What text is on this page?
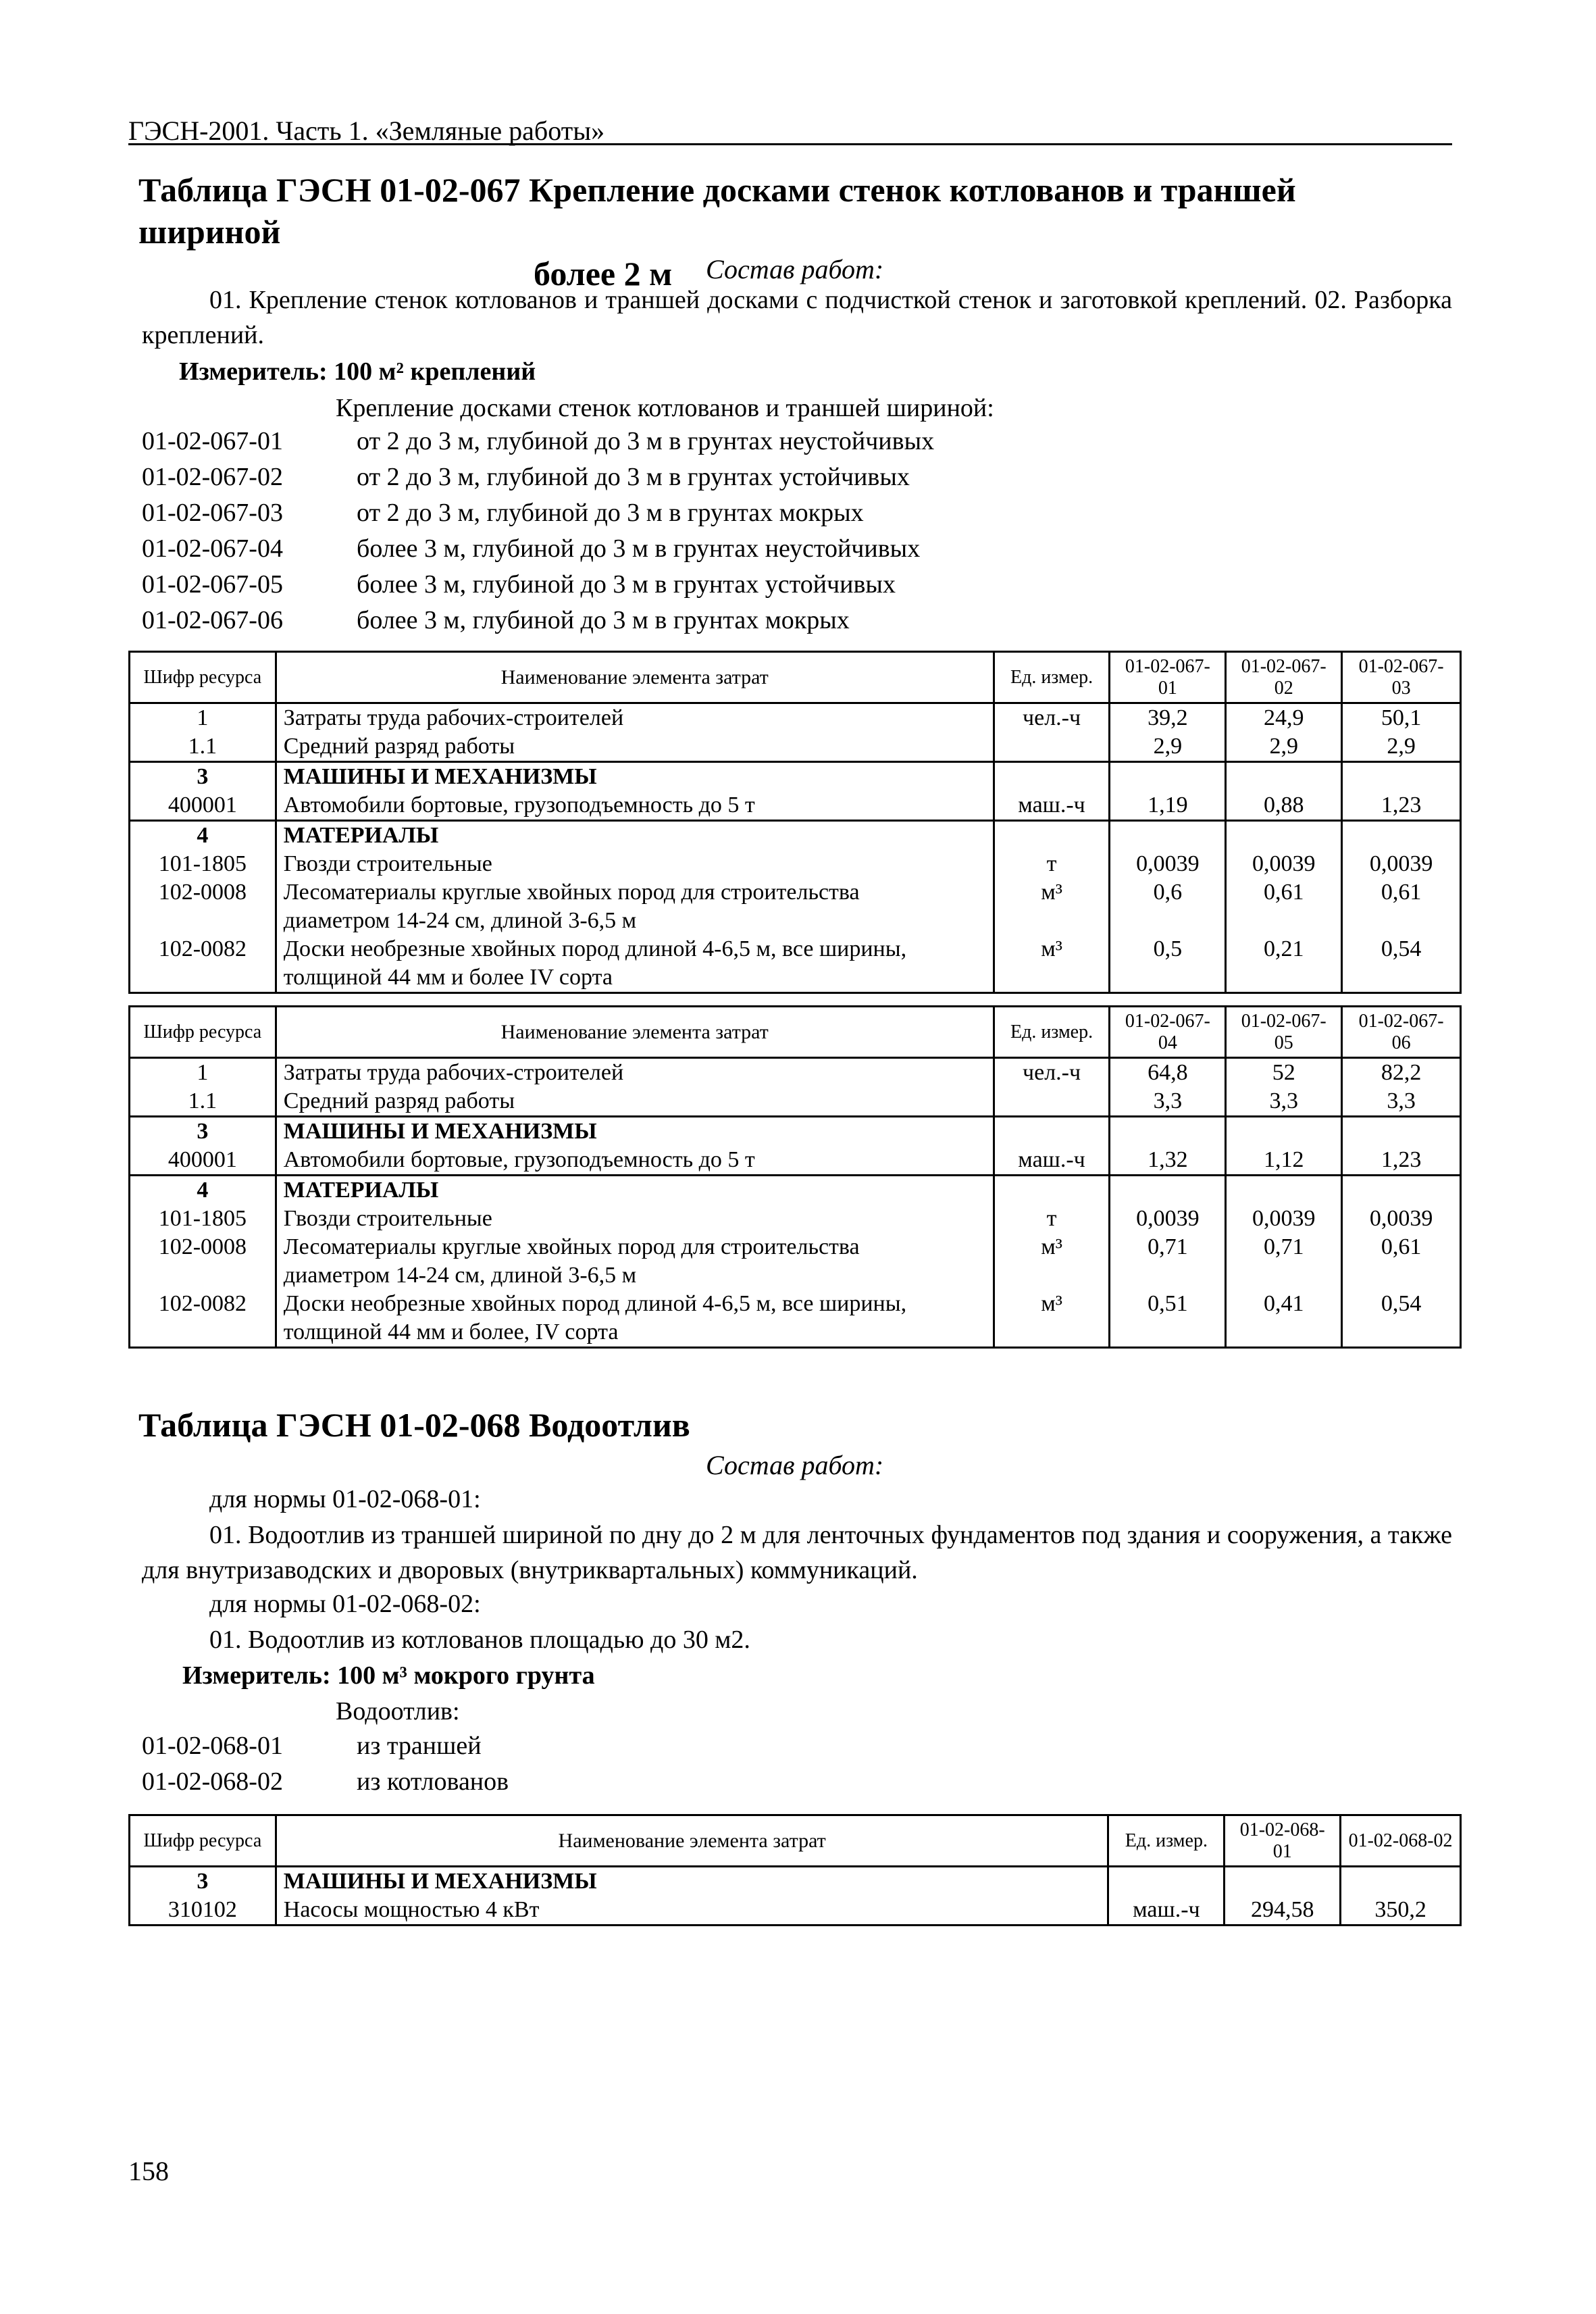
ГЭСН-2001. Часть 1. «Земляные работы»
Таблица ГЭСН 01-02-067 Крепление досками стенок котлованов и траншей шириной
более 2 м	Состав работ:
01. Крепление стенок котлованов и траншей досками с подчисткой стенок и заготовкой креплений. 02. Разборка креплений.
Измеритель: 100 м² креплений
Крепление досками стенок котлованов и траншей шириной:
01-02-067-01	от 2 до 3 м, глубиной до 3 м в грунтах неустойчивых
01-02-067-02	от 2 до 3 м, глубиной до 3 м в грунтах устойчивых
01-02-067-03	от 2 до 3 м, глубиной до 3 м в грунтах мокрых
01-02-067-04	более 3 м, глубиной до 3 м в грунтах неустойчивых
01-02-067-05	более 3 м, глубиной до 3 м в грунтах устойчивых
01-02-067-06	более 3 м, глубиной до 3 м в грунтах мокрых
Шифр ресурса	Наименование элемента затрат	Ед. измер.	01-02-067-01	01-02-067-02	01-02-067-03
1	Затраты труда рабочих-строителей	чел.-ч	39,2	24,9	50,1
1.1	Средний разряд работы		2,9	2,9	2,9
3	МАШИНЫ И МЕХАНИЗМЫ				
400001	Автомобили бортовые, грузоподъемность до 5 т	маш.-ч	1,19	0,88	1,23
4	МАТЕРИАЛЫ				
101-1805	Гвозди строительные	т	0,0039	0,0039	0,0039
102-0008	Лесоматериалы круглые хвойных пород для строительства
диаметром 14-24 см, длиной 3-6,5 м	м³	0,6	0,61	0,61
102-0082	Доски необрезные хвойных пород длиной 4-6,5 м, все ширины,
толщиной 44 мм и более IV сорта	м³	0,5	0,21	0,54
Шифр ресурса	Наименование элемента затрат	Ед. измер.	01-02-067-04	01-02-067-05	01-02-067-06
1	Затраты труда рабочих-строителей	чел.-ч	64,8	52	82,2
1.1	Средний разряд работы		3,3	3,3	3,3
3	МАШИНЫ И МЕХАНИЗМЫ				
400001	Автомобили бортовые, грузоподъемность до 5 т	маш.-ч	1,32	1,12	1,23
4	МАТЕРИАЛЫ				
101-1805	Гвозди строительные	т	0,0039	0,0039	0,0039
102-0008	Лесоматериалы круглые хвойных пород для строительства
диаметром 14-24 см, длиной 3-6,5 м	м³	0,71	0,71	0,61
102-0082	Доски необрезные хвойных пород длиной 4-6,5 м, все ширины,
толщиной 44 мм и более, IV сорта	м³	0,51	0,41	0,54
Таблица ГЭСН 01-02-068 Водоотлив
Состав работ:
для нормы 01-02-068-01:
01. Водоотлив из траншей шириной по дну до 2 м для ленточных фундаментов под здания и сооружения, а также для внутризаводских и дворовых (внутриквартальных) коммуникаций.
для нормы 01-02-068-02:
01. Водоотлив из котлованов площадью до 30 м2.
Измеритель: 100 м³ мокрого грунта
Водоотлив:
01-02-068-01	из траншей
01-02-068-02	из котлованов
Шифр ресурса	Наименование элемента затрат	Ед. измер.	01-02-068-01	01-02-068-02
3	МАШИНЫ И МЕХАНИЗМЫ			
310102	Насосы мощностью 4 кВт	маш.-ч	294,58	350,2
158
